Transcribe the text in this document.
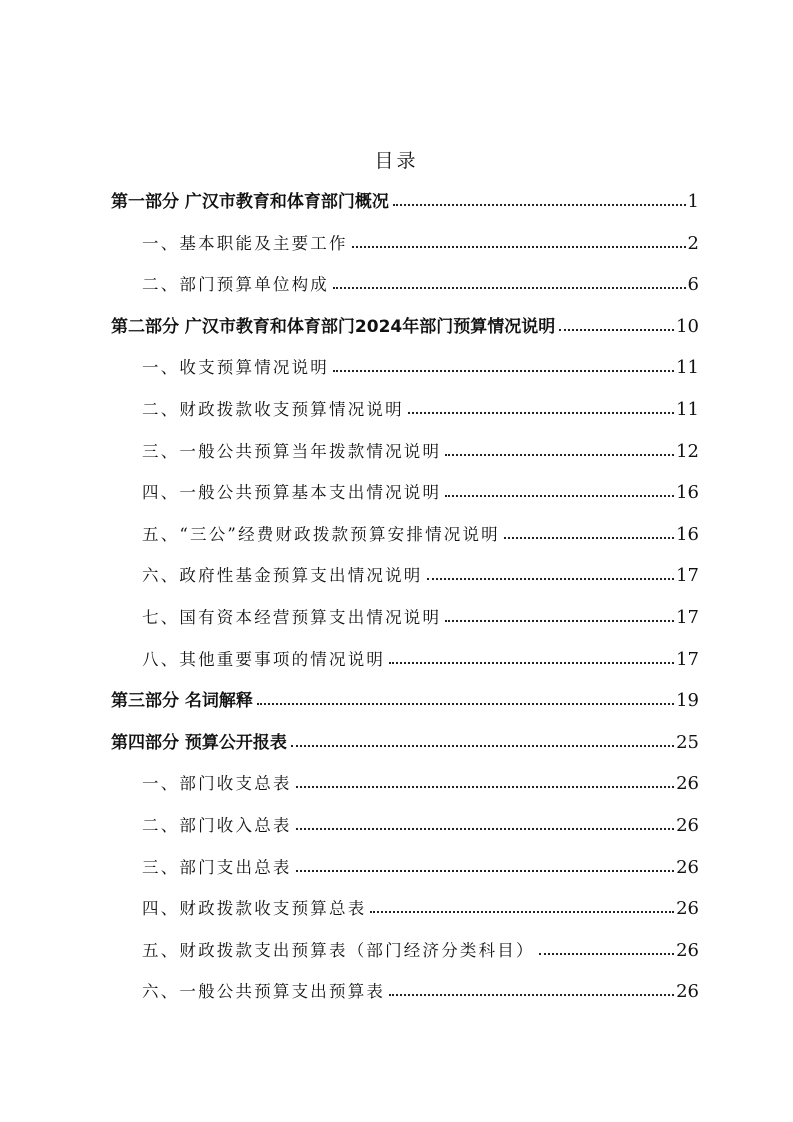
目录
第一部分 广汉市教育和体育部门概况	1
一、基本职能及主要工作	2
二、部门预算单位构成	6
第二部分 广汉市教育和体育部门2024年部门预算情况说明	10
一、收支预算情况说明	11
二、财政拨款收支预算情况说明	11
三、一般公共预算当年拨款情况说明	12
四、一般公共预算基本支出情况说明	16
五、“三公”经费财政拨款预算安排情况说明	16
六、政府性基金预算支出情况说明	17
七、国有资本经营预算支出情况说明	17
八、其他重要事项的情况说明	17
第三部分 名词解释	19
第四部分 预算公开报表	25
一、部门收支总表	26
二、部门收入总表	26
三、部门支出总表	26
四、财政拨款收支预算总表	26
五、财政拨款支出预算表（部门经济分类科目）	26
六、一般公共预算支出预算表	26
